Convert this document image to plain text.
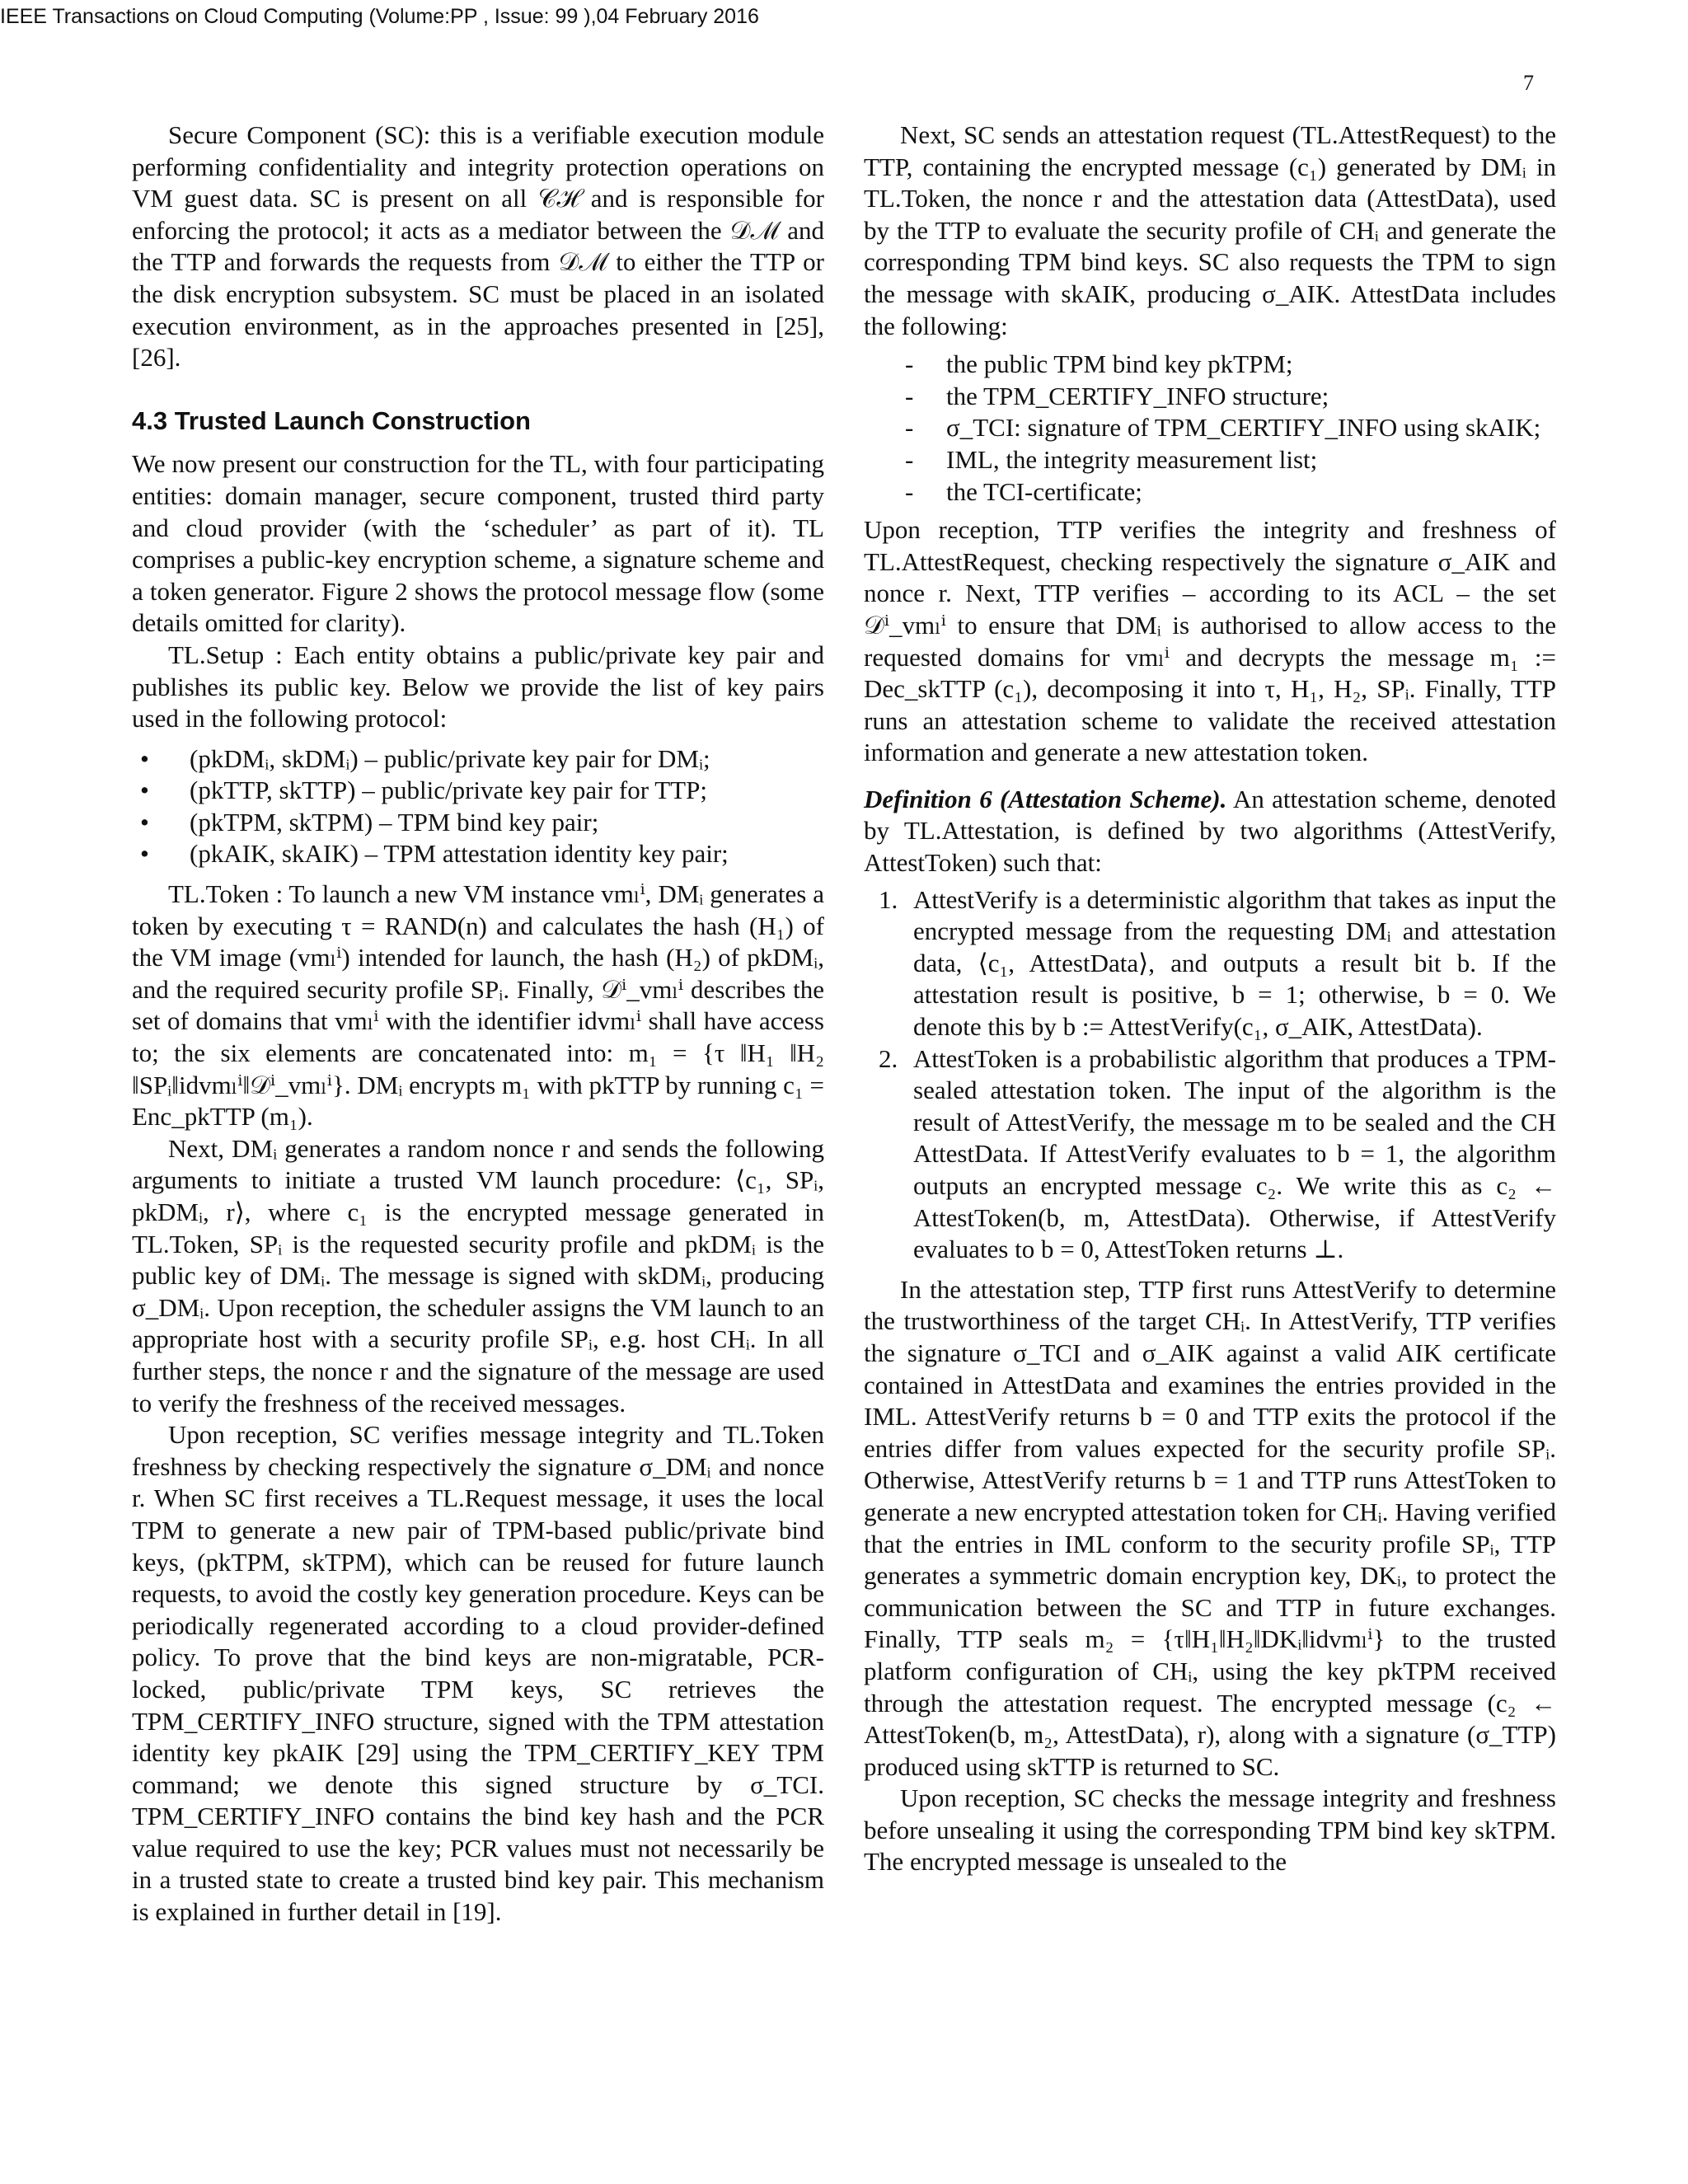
IEEE Transactions on Cloud Computing (Volume:PP , Issue: 99 ),04 February 2016
7

Secure Component (SC): this is a verifiable execution module performing confidentiality and integrity protection operations on VM guest data. SC is present on all 𝒞ℋ and is responsible for enforcing the protocol; it acts as a mediator between the 𝒟ℳ and the TTP and forwards the requests from 𝒟ℳ to either the TTP or the disk encryption subsystem. SC must be placed in an isolated execution environment, as in the approaches presented in [25], [26].

4.3 Trusted Launch Construction

We now present our construction for the TL, with four participating entities: domain manager, secure component, trusted third party and cloud provider (with the ‘scheduler’ as part of it). TL comprises a public-key encryption scheme, a signature scheme and a token generator. Figure 2 shows the protocol message flow (some details omitted for clarity).

TL.Setup : Each entity obtains a public/private key pair and publishes its public key. Below we provide the list of key pairs used in the following protocol:

• (pkDMᵢ, skDMᵢ) – public/private key pair for DMᵢ;
• (pkTTP, skTTP) – public/private key pair for TTP;
• (pkTPM, skTPM) – TPM bind key pair;
• (pkAIK, skAIK) – TPM attestation identity key pair;

TL.Token : To launch a new VM instance vmₗⁱ, DMᵢ generates a token by executing τ = RAND(n) and calculates the hash (H₁) of the VM image (vmₗⁱ) intended for launch, the hash (H₂) of pkDMᵢ, and the required security profile SPᵢ. Finally, 𝒟ⁱ_vmₗⁱ describes the set of domains that vmₗⁱ with the identifier idvmₗⁱ shall have access to; the six elements are concatenated into: m₁ = {τ ‖H₁ ‖H₂ ‖SPᵢ‖idvmₗⁱ‖𝒟ⁱ_vmₗⁱ}. DMᵢ encrypts m₁ with pkTTP by running c₁ = Enc_pkTTP (m₁).

Next, DMᵢ generates a random nonce r and sends the following arguments to initiate a trusted VM launch procedure: ⟨c₁, SPᵢ, pkDMᵢ, r⟩, where c₁ is the encrypted message generated in TL.Token, SPᵢ is the requested security profile and pkDMᵢ is the public key of DMᵢ. The message is signed with skDMᵢ, producing σ_DMᵢ. Upon reception, the scheduler assigns the VM launch to an appropriate host with a security profile SPᵢ, e.g. host CHᵢ. In all further steps, the nonce r and the signature of the message are used to verify the freshness of the received messages.

Upon reception, SC verifies message integrity and TL.Token freshness by checking respectively the signature σ_DMᵢ and nonce r. When SC first receives a TL.Request message, it uses the local TPM to generate a new pair of TPM-based public/private bind keys, (pkTPM, skTPM), which can be reused for future launch requests, to avoid the costly key generation procedure. Keys can be periodically regenerated according to a cloud provider-defined policy. To prove that the bind keys are non-migratable, PCR-locked, public/private TPM keys, SC retrieves the TPM_CERTIFY_INFO structure, signed with the TPM attestation identity key pkAIK [29] using the TPM_CERTIFY_KEY TPM command; we denote this signed structure by σ_TCI. TPM_CERTIFY_INFO contains the bind key hash and the PCR value required to use the key; PCR values must not necessarily be in a trusted state to create a trusted bind key pair. This mechanism is explained in further detail in [19].

Next, SC sends an attestation request (TL.AttestRequest) to the TTP, containing the encrypted message (c₁) generated by DMᵢ in TL.Token, the nonce r and the attestation data (AttestData), used by the TTP to evaluate the security profile of CHᵢ and generate the corresponding TPM bind keys. SC also requests the TPM to sign the message with skAIK, producing σ_AIK. AttestData includes the following:

- the public TPM bind key pkTPM;
- the TPM_CERTIFY_INFO structure;
- σ_TCI: signature of TPM_CERTIFY_INFO using skAIK;
- IML, the integrity measurement list;
- the TCI-certificate;

Upon reception, TTP verifies the integrity and freshness of TL.AttestRequest, checking respectively the signature σ_AIK and nonce r. Next, TTP verifies – according to its ACL – the set 𝒟ⁱ_vmₗⁱ to ensure that DMᵢ is authorised to allow access to the requested domains for vmₗⁱ and decrypts the message m₁ := Dec_skTTP (c₁), decomposing it into τ, H₁, H₂, SPᵢ. Finally, TTP runs an attestation scheme to validate the received attestation information and generate a new attestation token.

Definition 6 (Attestation Scheme). An attestation scheme, denoted by TL.Attestation, is defined by two algorithms (AttestVerify, AttestToken) such that:

1. AttestVerify is a deterministic algorithm that takes as input the encrypted message from the requesting DMᵢ and attestation data, ⟨c₁, AttestData⟩, and outputs a result bit b. If the attestation result is positive, b = 1; otherwise, b = 0. We denote this by b := AttestVerify(c₁, σ_AIK, AttestData).
2. AttestToken is a probabilistic algorithm that produces a TPM-sealed attestation token. The input of the algorithm is the result of AttestVerify, the message m to be sealed and the CH AttestData. If AttestVerify evaluates to b = 1, the algorithm outputs an encrypted message c₂. We write this as c₂ ← AttestToken(b, m, AttestData). Otherwise, if AttestVerify evaluates to b = 0, AttestToken returns ⊥.

In the attestation step, TTP first runs AttestVerify to determine the trustworthiness of the target CHᵢ. In AttestVerify, TTP verifies the signature σ_TCI and σ_AIK against a valid AIK certificate contained in AttestData and examines the entries provided in the IML. AttestVerify returns b = 0 and TTP exits the protocol if the entries differ from values expected for the security profile SPᵢ. Otherwise, AttestVerify returns b = 1 and TTP runs AttestToken to generate a new encrypted attestation token for CHᵢ. Having verified that the entries in IML conform to the security profile SPᵢ, TTP generates a symmetric domain encryption key, DKᵢ, to protect the communication between the SC and TTP in future exchanges. Finally, TTP seals m₂ = {τ‖H₁‖H₂‖DKᵢ‖idvmₗⁱ} to the trusted platform configuration of CHᵢ, using the key pkTPM received through the attestation request. The encrypted message (c₂ ← AttestToken(b, m₂, AttestData), r), along with a signature (σ_TTP) produced using skTTP is returned to SC.

Upon reception, SC checks the message integrity and freshness before unsealing it using the corresponding TPM bind key skTPM. The encrypted message is unsealed to the
